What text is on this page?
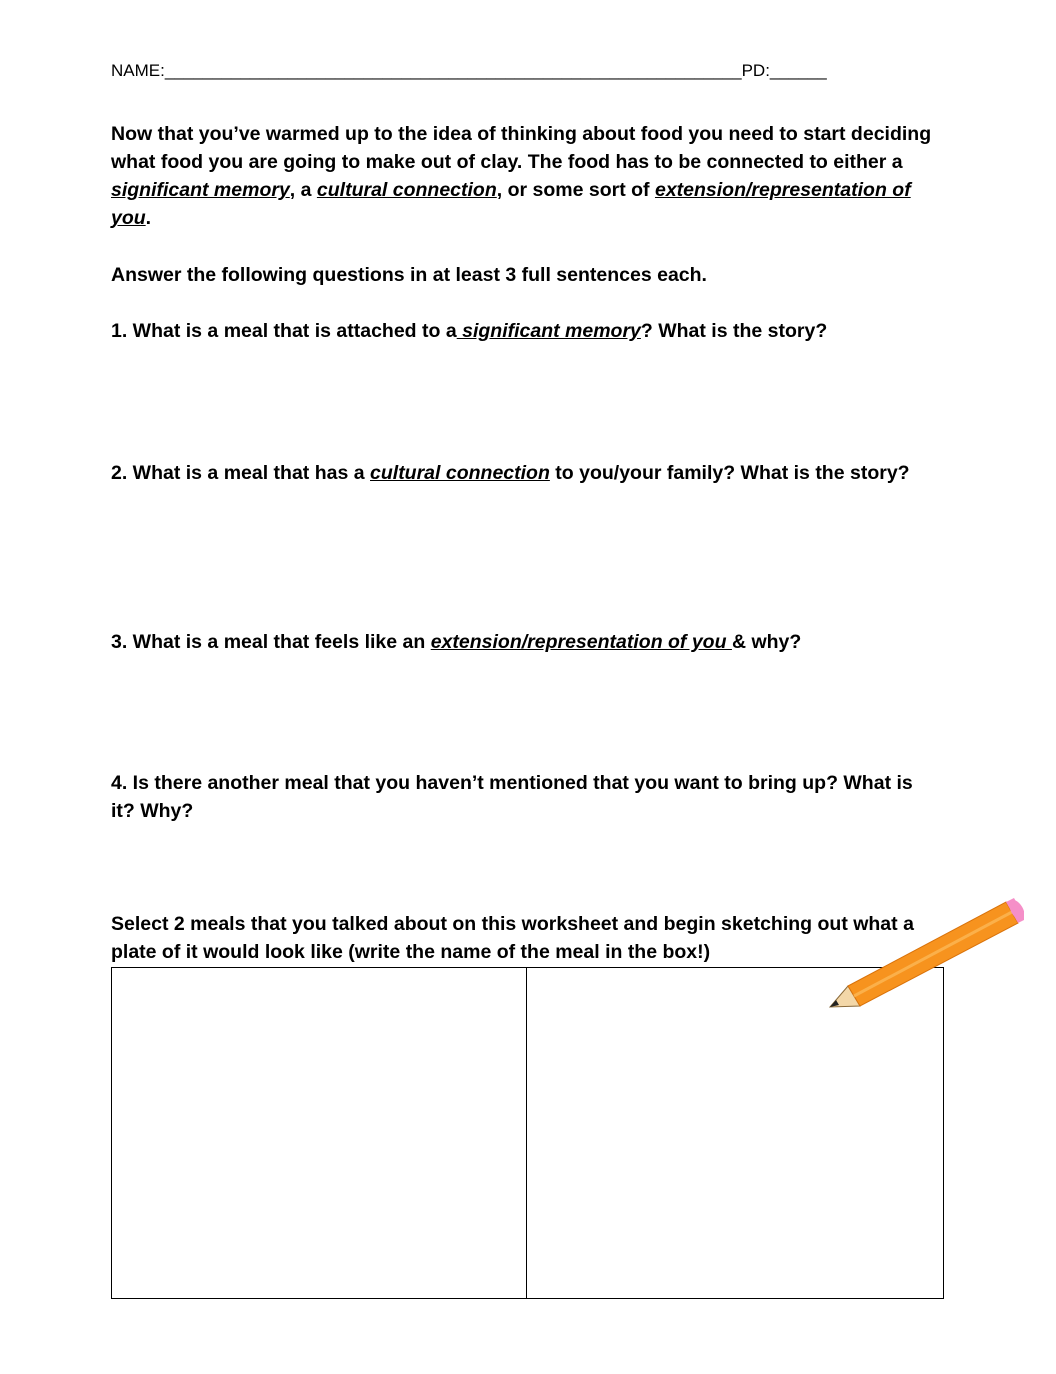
NAME:_____________________________________________________________PD:______

Now that you’ve warmed up to the idea of thinking about food you need to start deciding what food you are going to make out of clay. The food has to be connected to either a significant memory, a cultural connection, or some sort of extension/representation of you.

Answer the following questions in at least 3 full sentences each.

1. What is a meal that is attached to a significant memory? What is the story?

2. What is a meal that has a cultural connection to you/your family? What is the story?

3. What is a meal that feels like an extension/representation of you & why?

4. Is there another meal that you haven’t mentioned that you want to bring up? What is it? Why?

Select 2 meals that you talked about on this worksheet and begin sketching out what a plate of it would look like (write the name of the meal in the box!)
